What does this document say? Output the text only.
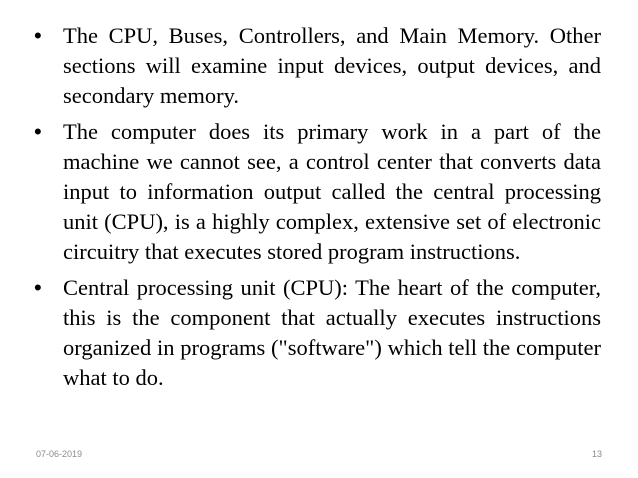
• The CPU, Buses, Controllers, and Main Memory. Other sections will examine input devices, output devices, and secondary memory.
• The computer does its primary work in a part of the machine we cannot see, a control center that converts data input to information output called the central processing unit (CPU), is a highly complex, extensive set of electronic circuitry that executes stored program instructions.
• Central processing unit (CPU): The heart of the computer, this is the component that actually executes instructions organized in programs ("software") which tell the computer what to do.
07-06-2019	13
